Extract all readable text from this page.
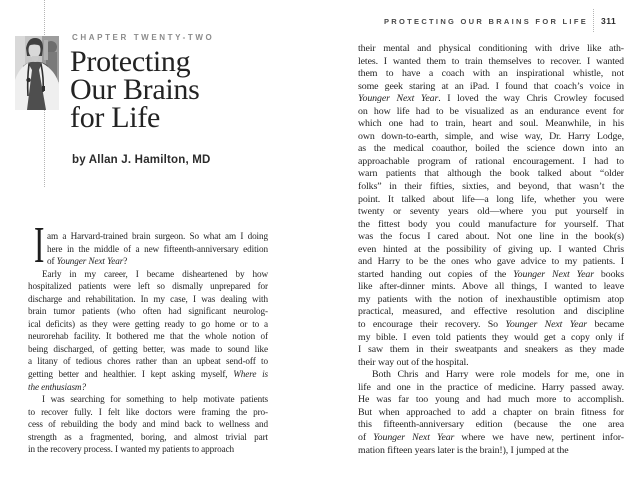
CHAPTER TWENTY-TWO
Protecting
Our Brains
for Life
by Allan J. Hamilton, MD
I am a Harvard-trained brain surgeon. So what am I doing
here in the middle of a new fifteenth-anniversary edition
of Younger Next Year?
Early in my career, I became disheartened by how
hospitalized patients were left so dismally unprepared for
discharge and rehabilitation. In my case, I was dealing with
brain tumor patients (who often had significant neurolog-
ical deficits) as they were getting ready to go home or to a
neurorehab facility. It bothered me that the whole notion of
being discharged, of getting better, was made to sound like
a litany of tedious chores rather than an upbeat send-off to
getting better and healthier. I kept asking myself, Where is
the enthusiasm?
I was searching for something to help motivate patients
to recover fully. I felt like doctors were framing the pro-
cess of rebuilding the body and mind back to wellness and
strength as a fragmented, boring, and almost trivial part
in the recovery process. I wanted my patients to approach
PROTECTING OUR BRAINS FOR LIFE 311
their mental and physical conditioning with drive like ath-
letes. I wanted them to train themselves to recover. I wanted
them to have a coach with an inspirational whistle, not
some geek staring at an iPad. I found that coach’s voice in
Younger Next Year. I loved the way Chris Crowley focused
on how life had to be visualized as an endurance event for
which one had to train, heart and soul. Meanwhile, in his
own down-to-earth, simple, and wise way, Dr. Harry Lodge,
as the medical coauthor, boiled the science down into an
approachable program of rational encouragement. I had to
warn patients that although the book talked about “older
folks” in their fifties, sixties, and beyond, that wasn’t the
point. It talked about life—a long life, whether you were
twenty or seventy years old—where you put yourself in
the fittest body you could manufacture for yourself. That
was the focus I cared about. Not one line in the book(s)
even hinted at the possibility of giving up. I wanted Chris
and Harry to be the ones who gave advice to my patients. I
started handing out copies of the Younger Next Year books
like after-dinner mints. Above all things, I wanted to leave
my patients with the notion of inexhaustible optimism atop
practical, measured, and effective resolution and discipline
to encourage their recovery. So Younger Next Year became
my bible. I even told patients they would get a copy only if
I saw them in their sweatpants and sneakers as they made
their way out of the hospital.
Both Chris and Harry were role models for me, one in
life and one in the practice of medicine. Harry passed away.
He was far too young and had much more to accomplish.
But when approached to add a chapter on brain fitness for
this fifteenth-anniversary edition (because the one area
of Younger Next Year where we have new, pertinent infor-
mation fifteen years later is the brain!), I jumped at the
